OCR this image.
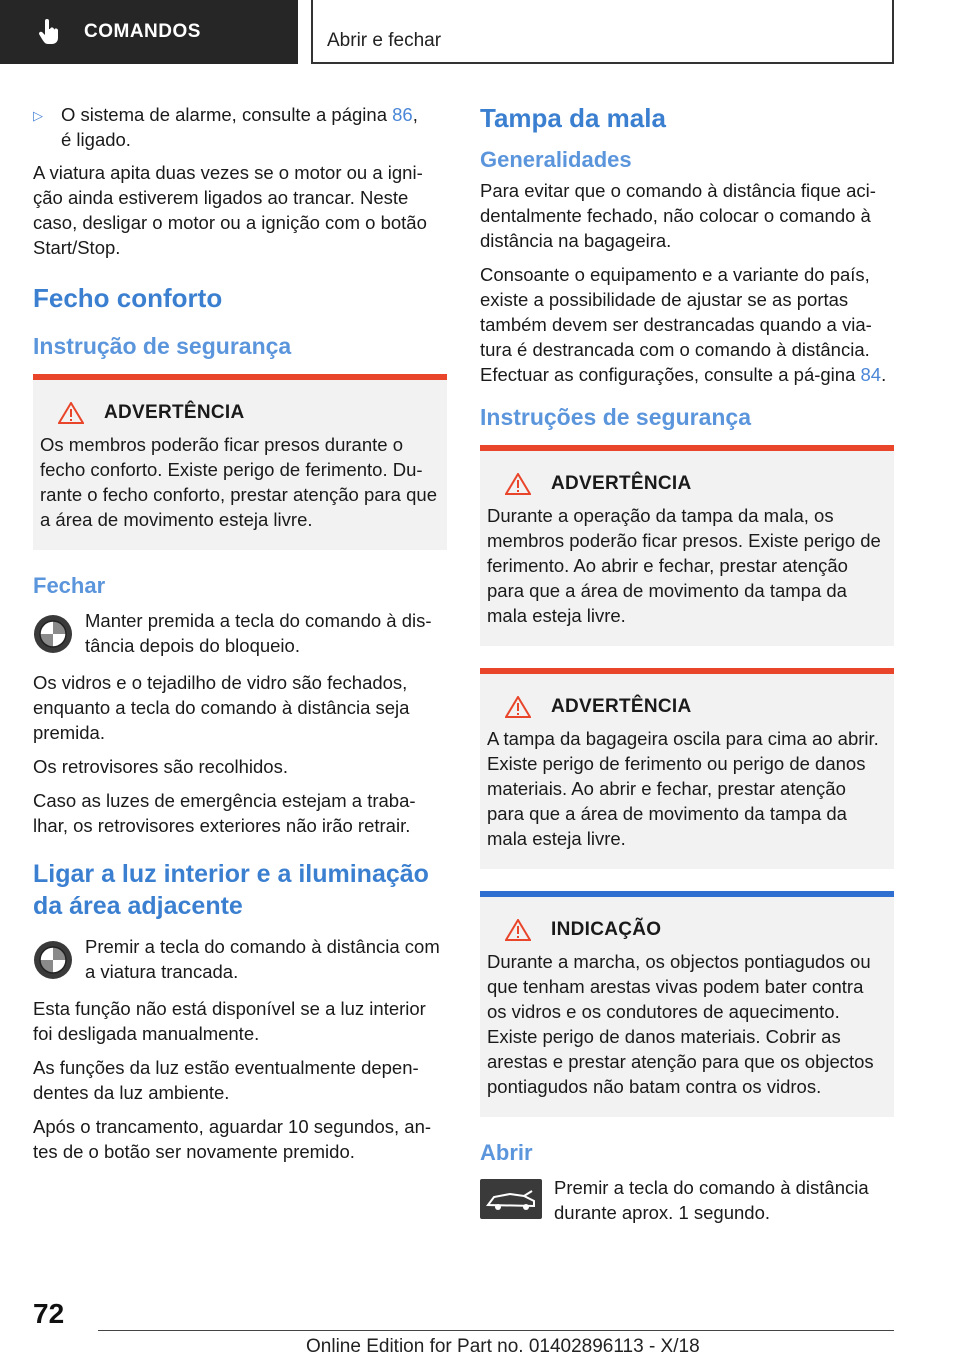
COMANDOS	Abrir e fechar
▷ O sistema de alarme, consulte a página 86,
é ligado.

A viatura apita duas vezes se o motor ou a igni-ção ainda estiverem ligados ao trancar. Neste caso, desligar o motor ou a ignição com o botão Start/Stop.

Fecho conforto
Instrução de segurança
ADVERTÊNCIA
Os membros poderão ficar presos durante o fecho conforto. Existe perigo de ferimento. Du-rante o fecho conforto, prestar atenção para que a área de movimento esteja livre.
Fechar
Manter premida a tecla do comando à dis-tância depois do bloqueio.

Os vidros e o tejadilho de vidro são fechados, enquanto a tecla do comando à distância seja premida.

Os retrovisores são recolhidos.

Caso as luzes de emergência estejam a traba-lhar, os retrovisores exteriores não irão retrair.

Ligar a luz interior e a iluminação da área adjacente
Premir a tecla do comando à distância com a viatura trancada.

Esta função não está disponível se a luz interior foi desligada manualmente.

As funções da luz estão eventualmente depen-dentes da luz ambiente.

Após o trancamento, aguardar 10 segundos, an-tes de o botão ser novamente premido.

Tampa da mala
Generalidades

Para evitar que o comando à distância fique aci-dentalmente fechado, não colocar o comando à distância na bagageira.

Consoante o equipamento e a variante do país, existe a possibilidade de ajustar se as portas também devem ser destrancadas quando a via-tura é destrancada com o comando à distância. Efectuar as configurações, consulte a pá-gina 84.

Instruções de segurança
ADVERTÊNCIA
Durante a operação da tampa da mala, os membros poderão ficar presos. Existe perigo de ferimento. Ao abrir e fechar, prestar atenção para que a área de movimento da tampa da mala esteja livre.
ADVERTÊNCIA
A tampa da bagageira oscila para cima ao abrir. Existe perigo de ferimento ou perigo de danos materiais. Ao abrir e fechar, prestar atenção para que a área de movimento da tampa da mala esteja livre.
INDICAÇÃO
Durante a marcha, os objectos pontiagudos ou que tenham arestas vivas podem bater contra os vidros e os condutores de aquecimento. Existe perigo de danos materiais. Cobrir as arestas e prestar atenção para que os objectos pontiagudos não batam contra os vidros.
Abrir
Premir a tecla do comando à distância durante aprox. 1 segundo.
72
Online Edition for Part no. 01402896113 - X/18
